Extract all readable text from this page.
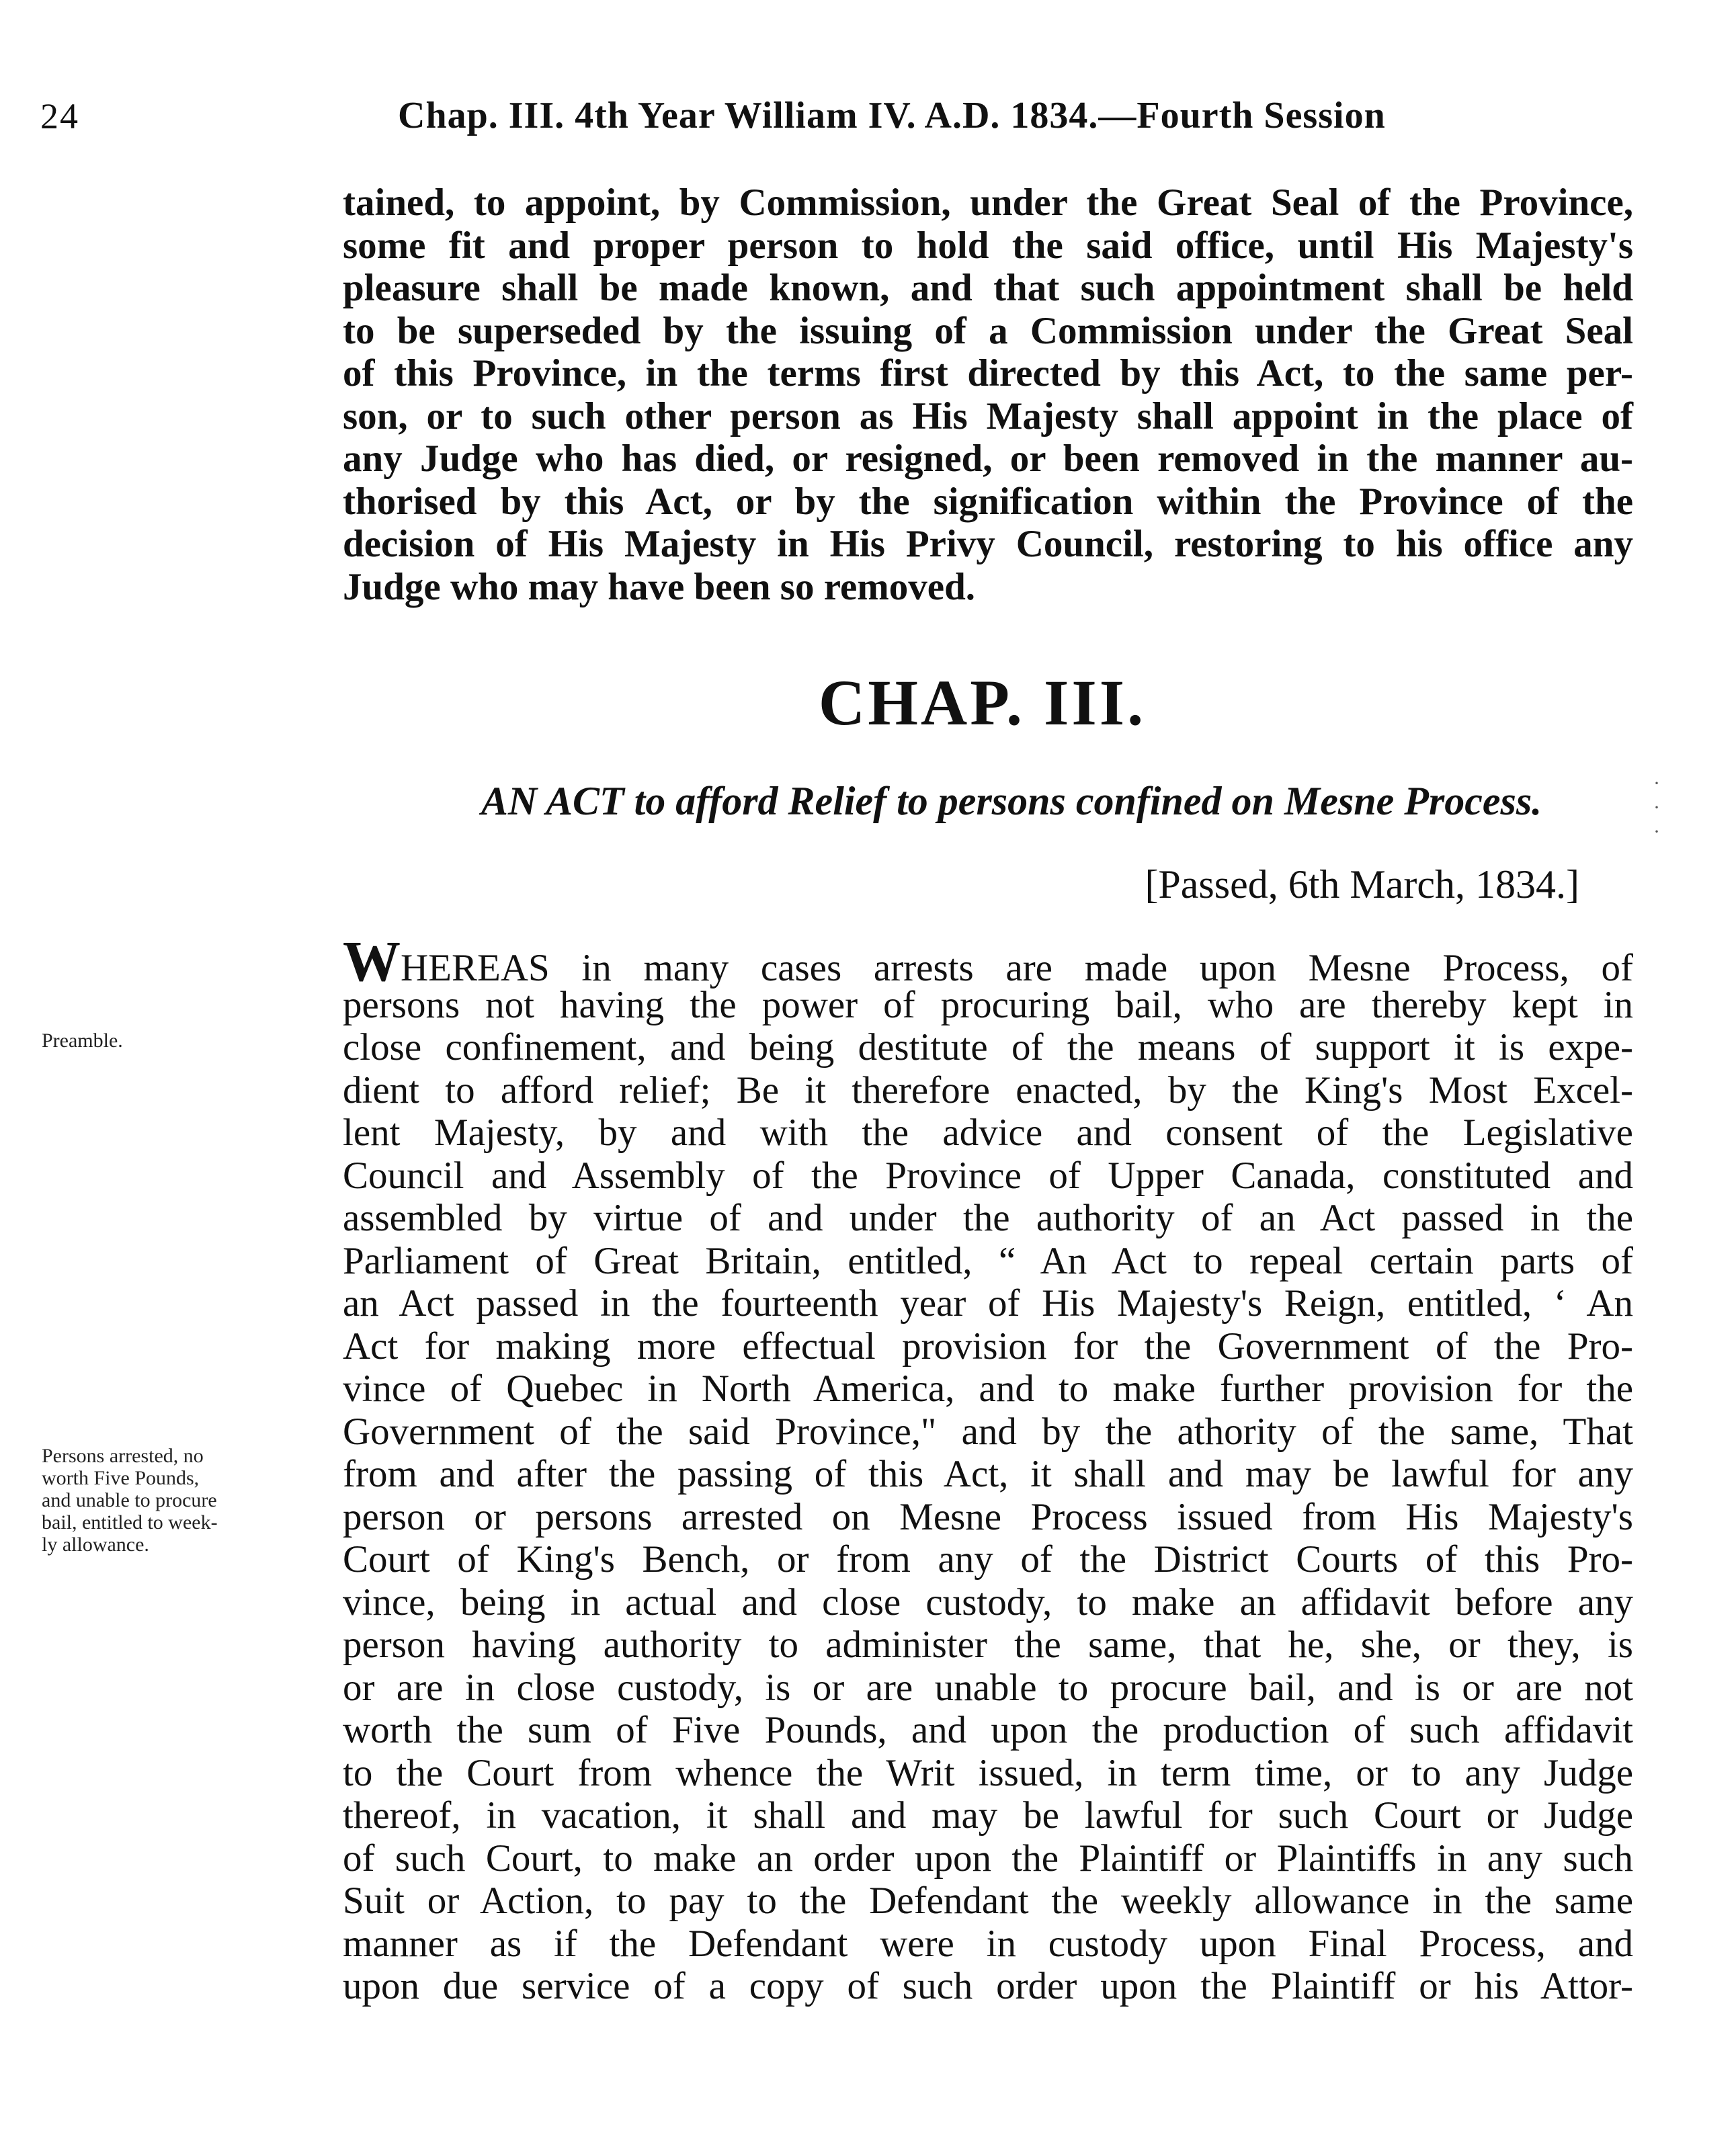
24	Chap. III. 4th Year William IV. A.D. 1834.—Fourth Session
tained, to appoint, by Commission, under the Great Seal of the Province,
some fit and proper person to hold the said office, until His Majesty's
pleasure shall be made known, and that such appointment shall be held
to be superseded by the issuing of a Commission under the Great Seal
of this Province, in the terms first directed by this Act, to the same per-
son, or to such other person as His Majesty shall appoint in the place of
any Judge who has died, or resigned, or been removed in the manner au-
thorised by this Act, or by the signification within the Province of the
decision of His Majesty in His Privy Council, restoring to his office any
Judge who may have been so removed.
CHAP. III.
AN ACT to afford Relief to persons confined on Mesne Process.
[Passed, 6th March, 1834.]
WHEREAS in many cases arrests are made upon Mesne Process, of
persons not having the power of procuring bail, who are thereby kept in
close confinement, and being destitute of the means of support it is expe-
dient to afford relief; Be it therefore enacted, by the King's Most Excel-
lent Majesty, by and with the advice and consent of the Legislative
Council and Assembly of the Province of Upper Canada, constituted and
assembled by virtue of and under the authority of an Act passed in the
Parliament of Great Britain, entitled, “ An Act to repeal certain parts of
an Act passed in the fourteenth year of His Majesty's Reign, entitled, ‘ An
Act for making more effectual provision for the Government of the Pro-
vince of Quebec in North America, and to make further provision for the
Government of the said Province," and by the athority of the same, That
from and after the passing of this Act, it shall and may be lawful for any
person or persons arrested on Mesne Process issued from His Majesty's
Court of King's Bench, or from any of the District Courts of this Pro-
vince, being in actual and close custody, to make an affidavit before any
person having authority to administer the same, that he, she, or they, is
or are in close custody, is or are unable to procure bail, and is or are not
worth the sum of Five Pounds, and upon the production of such affidavit
to the Court from whence the Writ issued, in term time, or to any Judge
thereof, in vacation, it shall and may be lawful for such Court or Judge
of such Court, to make an order upon the Plaintiff or Plaintiffs in any such
Suit or Action, to pay to the Defendant the weekly allowance in the same
manner as if the Defendant were in custody upon Final Process, and
upon due service of a copy of such order upon the Plaintiff or his Attor-
Preamble.
Persons arrested, no
worth Five Pounds,
and unable to procure
bail, entitled to week-
ly allowance.
·
·
·
